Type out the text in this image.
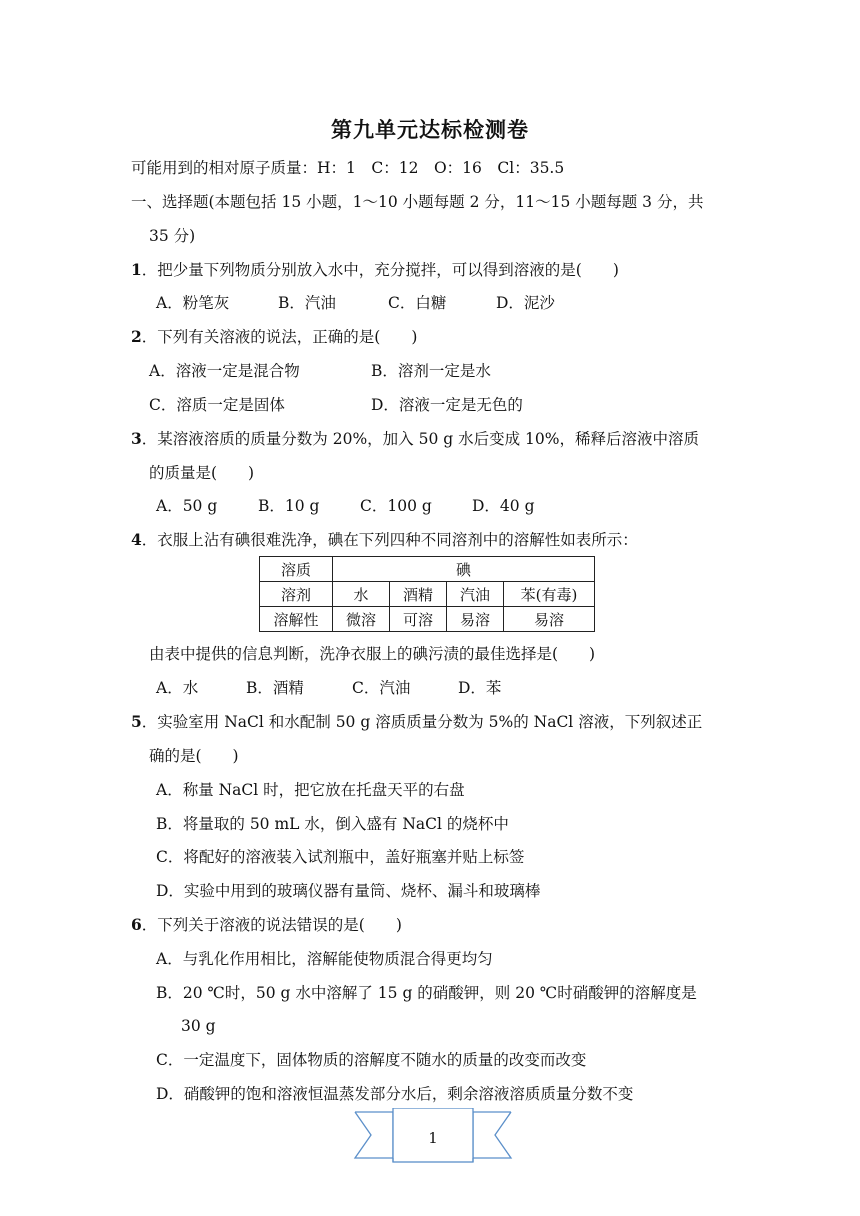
第九单元达标检测卷
可能用到的相对原子质量：H：1　C：12　O：16　Cl：35.5
一、选择题(本题包括 15 小题，1～10 小题每题 2 分，11～15 小题每题 3 分，共
35 分)
1．把少量下列物质分别放入水中，充分搅拌，可以得到溶液的是(　　)
A．粉笔灰	B．汽油	C．白糖	D．泥沙
2．下列有关溶液的说法，正确的是(　　)
A．溶液一定是混合物	B．溶剂一定是水
C．溶质一定是固体	D．溶液一定是无色的
3．某溶液溶质的质量分数为 20%，加入 50 g 水后变成 10%，稀释后溶液中溶质
的质量是(　　)
A．50 g	B．10 g	C．100 g	D．40 g
4．衣服上沾有碘很难洗净，碘在下列四种不同溶剂中的溶解性如表所示：
溶质	碘			
溶剂	水	酒精	汽油	苯(有毒)
溶解性	微溶	可溶	易溶	易溶
由表中提供的信息判断，洗净衣服上的碘污渍的最佳选择是(　　)
A．水	B．酒精	C．汽油	D．苯
5．实验室用 NaCl 和水配制 50 g 溶质质量分数为 5%的 NaCl 溶液，下列叙述正
确的是(　　)
A．称量 NaCl 时，把它放在托盘天平的右盘
B．将量取的 50 mL 水，倒入盛有 NaCl 的烧杯中
C．将配好的溶液装入试剂瓶中，盖好瓶塞并贴上标签
D．实验中用到的玻璃仪器有量筒、烧杯、漏斗和玻璃棒
6．下列关于溶液的说法错误的是(　　)
A．与乳化作用相比，溶解能使物质混合得更均匀
B．20 ℃时，50 g 水中溶解了 15 g 的硝酸钾，则 20 ℃时硝酸钾的溶解度是
30 g
C．一定温度下，固体物质的溶解度不随水的质量的改变而改变
D．硝酸钾的饱和溶液恒温蒸发部分水后，剩余溶液溶质质量分数不变
1
